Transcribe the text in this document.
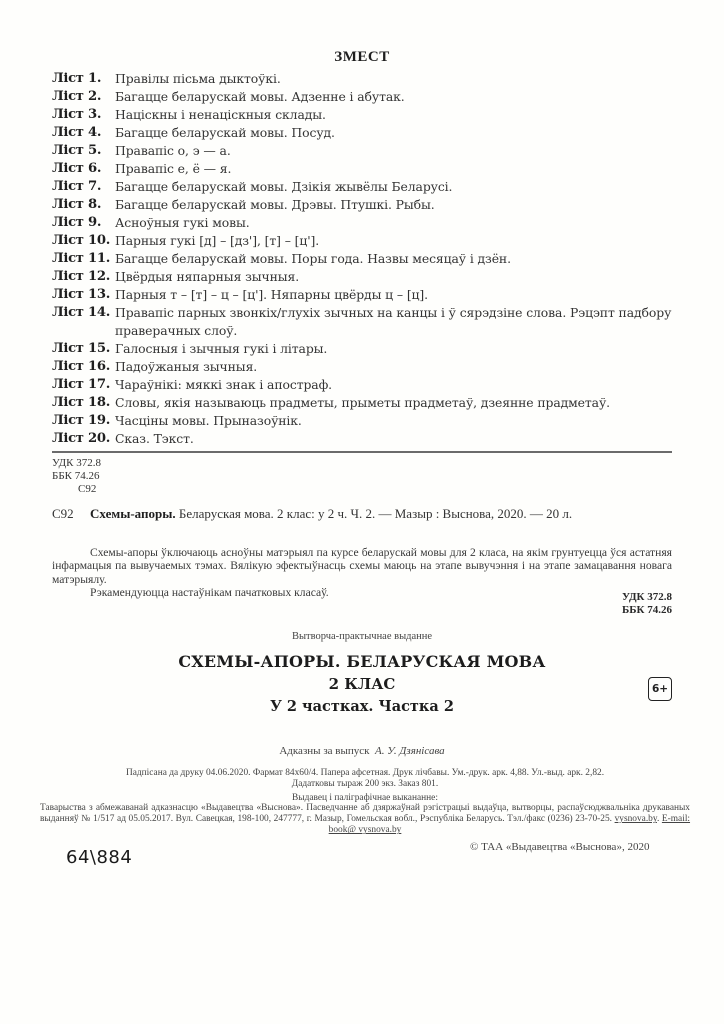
ЗМЕСТ
Ліст 1.	Правілы пісьма дыктоўкі.
Ліст 2.	Багацце беларускай мовы. Адзенне і абутак.
Ліст 3.	Націскны і ненаціскныя склады.
Ліст 4.	Багацце беларускай мовы. Посуд.
Ліст 5.	Правапіс о, э — а.
Ліст 6.	Правапіс е, ё — я.
Ліст 7.	Багацце беларускай мовы. Дзікія жывёлы Беларусі.
Ліст 8.	Багацце беларускай мовы. Дрэвы. Птушкі. Рыбы.
Ліст 9.	Асноўныя гукі мовы.
Ліст 10. Парныя гукі [д] – [дз'], [т] – [ц'].
Ліст 11. Багацце беларускай мовы. Поры года. Назвы месяцаў і дзён.
Ліст 12. Цвёрдыя няпарныя зычныя.
Ліст 13. Парныя т – [т] – ц – [ц']. Няпарны цвёрды ц – [ц].
Ліст 14. Правапіс парных звонкіх/глухіх зычных на канцы і ў сярэдзіне слова. Рэцэпт падбору праверачных слоў.
Ліст 15. Галосныя і зычныя гукі і літары.
Ліст 16. Падоўжаныя зычныя.
Ліст 17. Чараўнікі: мяккі знак і апостраф.
Ліст 18. Словы, якія называюць прадметы, прыметы прадметаў, дзеянне прадметаў.
Ліст 19. Часціны мовы. Прыназоўнік.
Ліст 20. Сказ. Тэкст.
УДК 372.8
ББК 74.26
С92
С92 Схемы-апоры. Беларуская мова. 2 клас: у 2 ч. Ч. 2. — Мазыр : Выснова, 2020. — 20 л.

Схемы-апоры ўключаюць асноўны матэрыял па курсе беларускай мовы для 2 класа, на якім грунтуецца ўся астатняя інфармацыя па вывучаемых тэмах. Вялікую эфектыўнасць схемы маюць на этапе вывучэння і на этапе замацавання новага матэрыялу.

Рэкамендуюцца настаўнікам пачатковых класаў.	УДК 372.8
ББК 74.26
Вытворча-практычнае выданне
СХЕМЫ-АПОРЫ. БЕЛАРУСКАЯ МОВА
2 КЛАС
У 2 частках. Частка 2
6+
Адказны за выпуск А. У. Дзянісава
Падпісана да друку 04.06.2020. Фармат 84х60/4. Папера афсетная. Друк лічбавы. Ум.-друк. арк. 4,88. Ул.-выд. арк. 2,82.
Дадатковы тыраж 200 экз. Заказ 801.
Выдавец і паліграфічнае выкананне:
Таварыства з абмежаванай адказнасцю «Выдавецтва «Выснова». Пасведчанне аб дзяржаўнай рэгістрацыі выдаўца, вытворцы, распаўсюджвальніка друкаваных выданняў № 1/517 ад 05.05.2017. Вул. Савецкая, 198-100, 247777, г. Мазыр, Гомельская вобл., Рэспубліка Беларусь. Тэл./факс (0236) 23-70-25. vysnova.by. E-mail: book@ vysnova.by
64\884	© ТАА «Выдавецтва «Выснова», 2020
